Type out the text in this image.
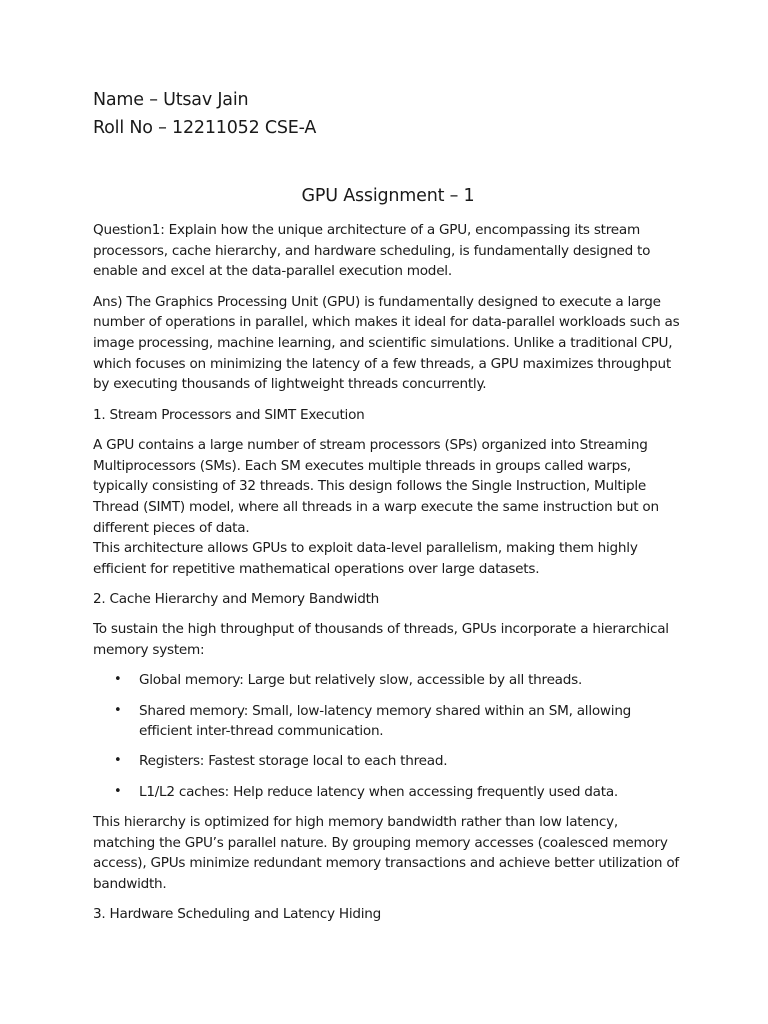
Name – Utsav Jain

Roll No – 12211052 CSE-A

GPU Assignment – 1

Question1: Explain how the unique architecture of a GPU, encompassing its stream processors, cache hierarchy, and hardware scheduling, is fundamentally designed to enable and excel at the data-parallel execution model.

Ans) The Graphics Processing Unit (GPU) is fundamentally designed to execute a large number of operations in parallel, which makes it ideal for data-parallel workloads such as image processing, machine learning, and scientific simulations. Unlike a traditional CPU, which focuses on minimizing the latency of a few threads, a GPU maximizes throughput by executing thousands of lightweight threads concurrently.

1. Stream Processors and SIMT Execution

A GPU contains a large number of stream processors (SPs) organized into Streaming Multiprocessors (SMs). Each SM executes multiple threads in groups called warps, typically consisting of 32 threads. This design follows the Single Instruction, Multiple Thread (SIMT) model, where all threads in a warp execute the same instruction but on different pieces of data.

This architecture allows GPUs to exploit data-level parallelism, making them highly efficient for repetitive mathematical operations over large datasets.

2. Cache Hierarchy and Memory Bandwidth

To sustain the high throughput of thousands of threads, GPUs incorporate a hierarchical memory system:

• Global memory: Large but relatively slow, accessible by all threads.
• Shared memory: Small, low-latency memory shared within an SM, allowing efficient inter-thread communication.
• Registers: Fastest storage local to each thread.
• L1/L2 caches: Help reduce latency when accessing frequently used data.

This hierarchy is optimized for high memory bandwidth rather than low latency, matching the GPU’s parallel nature. By grouping memory accesses (coalesced memory access), GPUs minimize redundant memory transactions and achieve better utilization of bandwidth.

3. Hardware Scheduling and Latency Hiding
